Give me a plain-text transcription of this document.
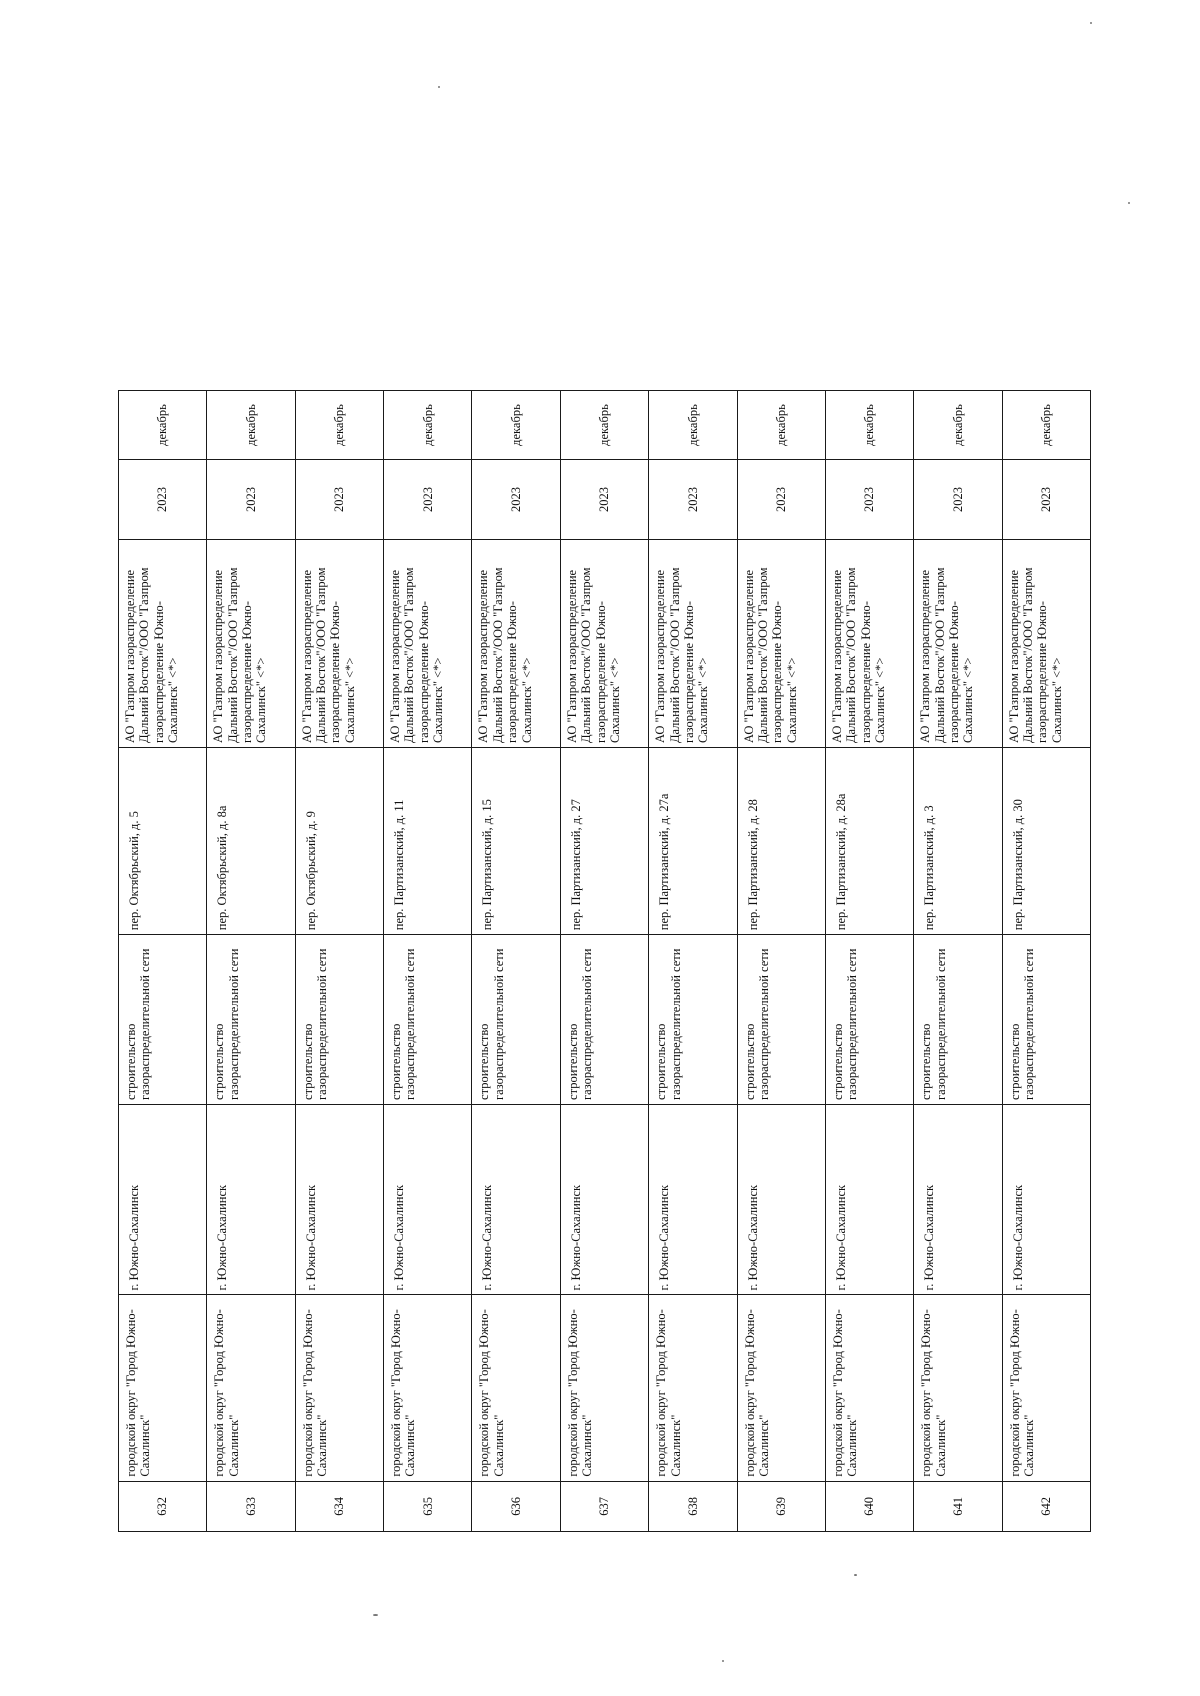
632	городской округ "Город Южно-Сахалинск"	г. Южно-Сахалинск	строительство газораспределительной сети	пер. Октябрьский, д. 5	АО "Газпром газораспределение Дальний Восток"/ООО "Газпром газораспределение Южно-Сахалинск" <*>	2023	декабрь
633	городской округ "Город Южно-Сахалинск"	г. Южно-Сахалинск	строительство газораспределительной сети	пер. Октябрьский, д. 8а	АО "Газпром газораспределение Дальний Восток"/ООО "Газпром газораспределение Южно-Сахалинск" <*>	2023	декабрь
634	городской округ "Город Южно-Сахалинск"	г. Южно-Сахалинск	строительство газораспределительной сети	пер. Октябрьский, д. 9	АО "Газпром газораспределение Дальний Восток"/ООО "Газпром газораспределение Южно-Сахалинск" <*>	2023	декабрь
635	городской округ "Город Южно-Сахалинск"	г. Южно-Сахалинск	строительство газораспределительной сети	пер. Партизанский, д. 11	АО "Газпром газораспределение Дальний Восток"/ООО "Газпром газораспределение Южно-Сахалинск" <*>	2023	декабрь
636	городской округ "Город Южно-Сахалинск"	г. Южно-Сахалинск	строительство газораспределительной сети	пер. Партизанский, д. 15	АО "Газпром газораспределение Дальний Восток"/ООО "Газпром газораспределение Южно-Сахалинск" <*>	2023	декабрь
637	городской округ "Город Южно-Сахалинск"	г. Южно-Сахалинск	строительство газораспределительной сети	пер. Партизанский, д. 27	АО "Газпром газораспределение Дальний Восток"/ООО "Газпром газораспределение Южно-Сахалинск" <*>	2023	декабрь
638	городской округ "Город Южно-Сахалинск"	г. Южно-Сахалинск	строительство газораспределительной сети	пер. Партизанский, д. 27а	АО "Газпром газораспределение Дальний Восток"/ООО "Газпром газораспределение Южно-Сахалинск" <*>	2023	декабрь
639	городской округ "Город Южно-Сахалинск"	г. Южно-Сахалинск	строительство газораспределительной сети	пер. Партизанский, д. 28	АО "Газпром газораспределение Дальний Восток"/ООО "Газпром газораспределение Южно-Сахалинск" <*>	2023	декабрь
640	городской округ "Город Южно-Сахалинск"	г. Южно-Сахалинск	строительство газораспределительной сети	пер. Партизанский, д. 28а	АО "Газпром газораспределение Дальний Восток"/ООО "Газпром газораспределение Южно-Сахалинск" <*>	2023	декабрь
641	городской округ "Город Южно-Сахалинск"	г. Южно-Сахалинск	строительство газораспределительной сети	пер. Партизанский, д. 3	АО "Газпром газораспределение Дальний Восток"/ООО "Газпром газораспределение Южно-Сахалинск" <*>	2023	декабрь
642	городской округ "Город Южно-Сахалинск"	г. Южно-Сахалинск	строительство газораспределительной сети	пер. Партизанский, д. 30	АО "Газпром газораспределение Дальний Восток"/ООО "Газпром газораспределение Южно-Сахалинск" <*>	2023	декабрь
